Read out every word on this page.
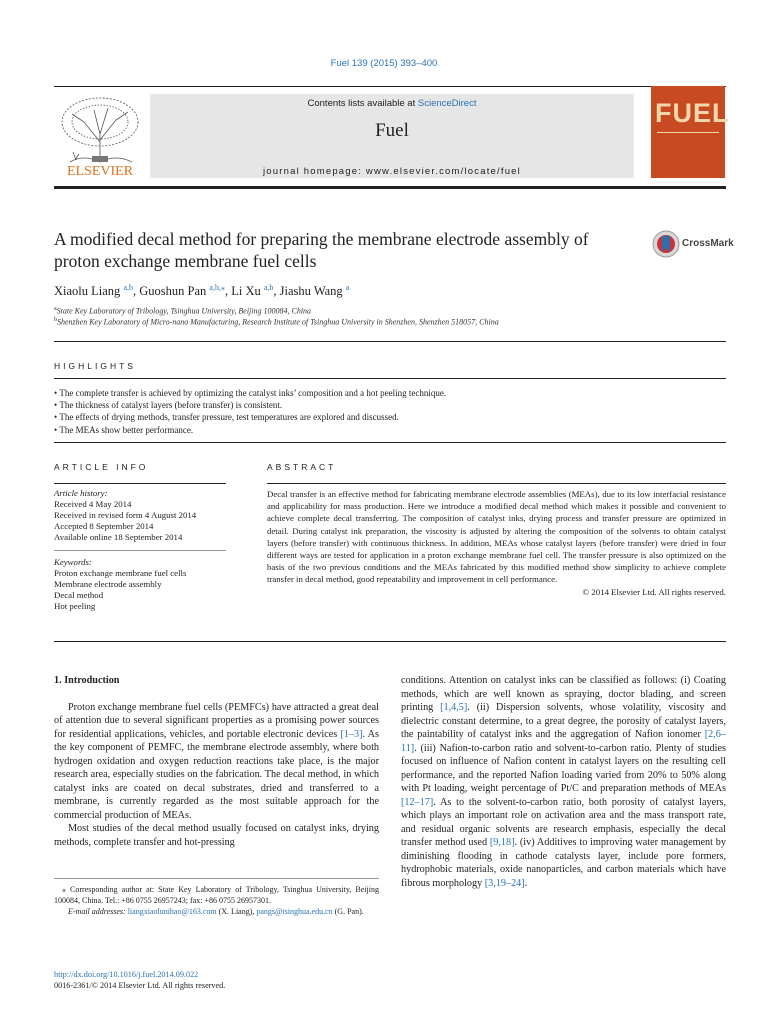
Fuel 139 (2015) 393–400
ELSEVIER
Contents lists available at ScienceDirect
Fuel
journal homepage: www.elsevier.com/locate/fuel
FUEL
A modified decal method for preparing the membrane electrode assembly of proton exchange membrane fuel cells
CrossMark
Xiaolu Liang $^{a,b}$, Guoshun Pan $^{a,b,⁎}$, Li Xu $^{a,b}$, Jiashu Wang $^a$
$^a$State Key Laboratory of Tribology, Tsinghua University, Beijing 100084, China
$^b$Shenzhen Key Laboratory of Micro-nano Manufacturing, Research Institute of Tsinghua University in Shenzhen, Shenzhen 518057, China
HIGHLIGHTS
• The complete transfer is achieved by optimizing the catalyst inks’ composition and a hot peeling technique.
• The thickness of catalyst layers (before transfer) is consistent.
• The effects of drying methods, transfer pressure, test temperatures are explored and discussed.
• The MEAs show better performance.
ARTICLE INFO
Article history:
Received 4 May 2014
Received in revised form 4 August 2014
Accepted 8 September 2014
Available online 18 September 2014
Keywords:
Proton exchange membrane fuel cells
Membrane electrode assembly
Decal method
Hot peeling
ABSTRACT
Decal transfer is an effective method for fabricating membrane electrode assemblies (MEAs), due to its low interfacial resistance and applicability for mass production. Here we introduce a modified decal method which makes it possible and convenient to achieve complete decal transferring. The composition of catalyst inks, drying process and transfer pressure are optimized in detail. During catalyst ink preparation, the viscosity is adjusted by altering the composition of the solvents to obtain catalyst layers (before transfer) with continuous thickness. In addition, MEAs whose catalyst layers (before transfer) were dried in four different ways are tested for application in a proton exchange membrane fuel cell. The transfer pressure is also optimized on the basis of the two previous conditions and the MEAs fabricated by this modified method show simplicity to achieve complete transfer in decal method, good repeatability and improvement in cell performance.
© 2014 Elsevier Ltd. All rights reserved.
1. Introduction

Proton exchange membrane fuel cells (PEMFCs) have attracted a great deal of attention due to several significant properties as a promising power sources for residential applications, vehicles, and portable electronic devices [1–3]. As the key component of PEMFC, the membrane electrode assembly, where both hydrogen oxidation and oxygen reduction reactions take place, is the major research area, especially studies on the fabrication. The decal method, in which catalyst inks are coated on decal substrates, dried and transferred to a membrane, is currently regarded as the most suitable approach for the commercial production of MEAs.

Most studies of the decal method usually focused on catalyst inks, drying methods, complete transfer and hot-pressing

conditions. Attention on catalyst inks can be classified as follows: (i) Coating methods, which are well known as spraying, doctor blading, and screen printing [1,4,5]. (ii) Dispersion solvents, whose volatility, viscosity and dielectric constant determine, to a great degree, the porosity of catalyst layers, the paintability of catalyst inks and the aggregation of Nafion ionomer [2,6–11]. (iii) Nafion-to-carbon ratio and solvent-to-carbon ratio. Plenty of studies focused on influence of Nafion content in catalyst layers on the resulting cell performance, and the reported Nafion loading varied from 20% to 50% along with Pt loading, weight percentage of Pt/C and preparation methods of MEAs [12–17]. As to the solvent-to-carbon ratio, both porosity of catalyst layers, which plays an important role on activation area and the mass transport rate, and residual organic solvents are research emphasis, especially the decal transfer method used [9,18]. (iv) Additives to improving water management by diminishing flooding in cathode catalysts layer, include pore formers, hydrophobic materials, oxide nanoparticles, and carbon materials which have fibrous morphology [3,19–24].

⁎ Corresponding author at: State Key Laboratory of Tribology, Tsinghua University, Beijing 100084, China. Tel.: +86 0755 26957243; fax: +86 0755 26957301.
E-mail addresses: liangxiaolunihao@163.com (X. Liang), pangs@tsinghua.edu.cn (G. Pan).
http://dx.doi.org/10.1016/j.fuel.2014.09.022
0016-2361/© 2014 Elsevier Ltd. All rights reserved.
